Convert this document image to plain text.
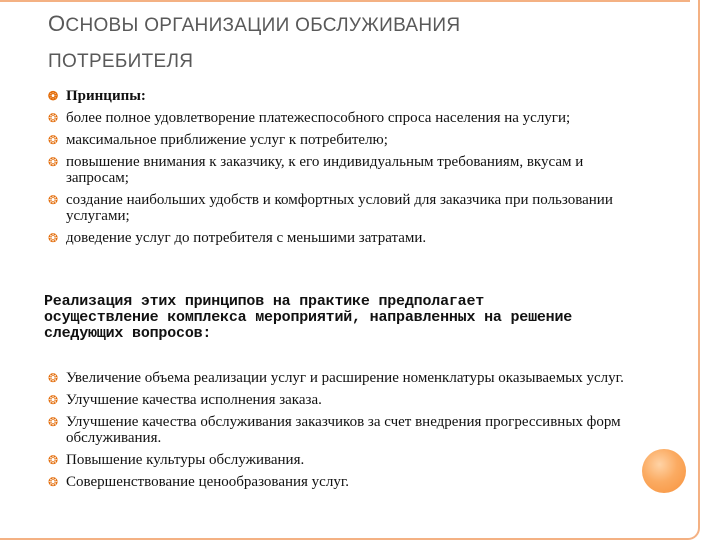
ОСНОВЫ ОРГАНИЗАЦИИ ОБСЛУЖИВАНИЯ
ПОТРЕБИТЕЛЯ
❂ Принципы:
❂ более полное удовлетворение платежеспособного спроса населения на услуги;
❂ максимальное приближение услуг к потребителю;
❂ повышение внимания к заказчику, к его индивидуальным требованиям, вкусам и запросам;
❂ создание наибольших удобств и комфортных условий для заказчика при пользовании услугами;
❂ доведение услуг до потребителя с меньшими затратами.
Реализация этих принципов на практике предполагает осуществление комплекса мероприятий, направленных на решение следующих вопросов:
❂ Увеличение объема реализации услуг и расширение номенклатуры оказываемых услуг.
❂ Улучшение качества исполнения заказа.
❂ Улучшение качества обслуживания заказчиков за счет внедрения прогрессивных форм обслуживания.
❂ Повышение культуры обслуживания.
❂ Совершенствование ценообразования услуг.
